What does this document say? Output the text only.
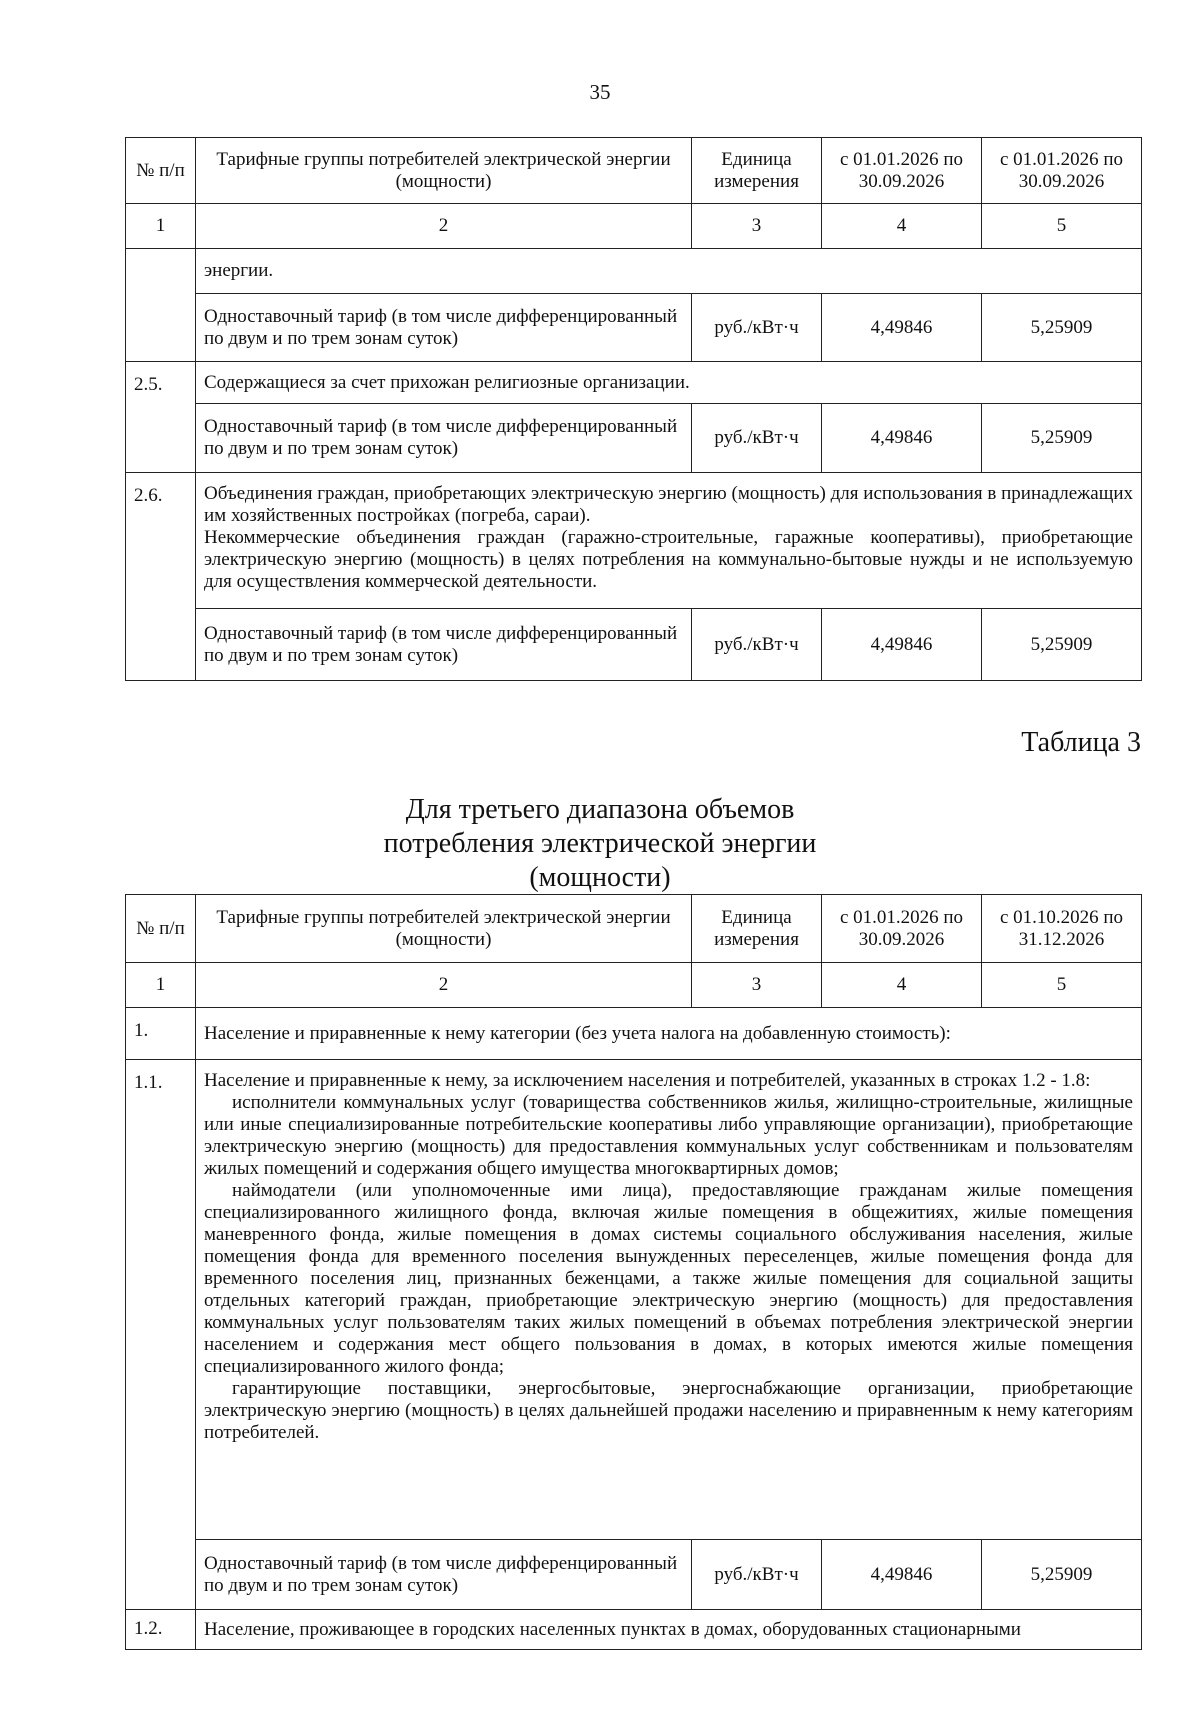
35
№ п/п	Тарифные группы потребителей электрической энергии (мощности)	Единица измерения	с 01.01.2026 по 30.09.2026	с 01.01.2026 по 30.09.2026
1	2	3	4	5
	энергии.			
	Одноставочный тариф (в том числе дифференцированный по двум и по трем зонам суток)	руб./кВт·ч	4,49846	5,25909
2.5.	Содержащиеся за счет прихожан религиозные организации.			
	Одноставочный тариф (в том числе дифференцированный по двум и по трем зонам суток)	руб./кВт·ч	4,49846	5,25909
2.6.	Объединения граждан, приобретающих электрическую энергию (мощность) для использования в принадлежащих им хозяйственных постройках (погреба, сараи).
Некоммерческие объединения граждан (гаражно-строительные, гаражные кооперативы), приобретающие электрическую энергию (мощность) в целях потребления на коммунально-бытовые нужды и не используемую для осуществления коммерческой деятельности.			

	Одноставочный тариф (в том числе дифференцированный по двум и по трем зонам суток)	руб./кВт·ч	4,49846	5,25909
Таблица 3
Для третьего диапазона объемов потребления электрической энергии (мощности)
№ п/п	Тарифные группы потребителей электрической энергии (мощности)	Единица измерения	с 01.01.2026 по 30.09.2026	с 01.10.2026 по 31.12.2026
1	2	3	4	5
1.	Население и приравненные к нему категории (без учета налога на добавленную стоимость):			
1.1.	Население и приравненные к нему, за исключением населения и потребителей, указанных в строках 1.2 - 1.8:
исполнители коммунальных услуг (товарищества собственников жилья, жилищно-строительные, жилищные или иные специализированные потребительские кооперативы либо управляющие организации), приобретающие электрическую энергию (мощность) для предоставления коммунальных услуг собственникам и пользователям жилых помещений и содержания общего имущества многоквартирных домов;
наймодатели (или уполномоченные ими лица), предоставляющие гражданам жилые помещения специализированного жилищного фонда, включая жилые помещения в общежитиях, жилые помещения маневренного фонда, жилые помещения в домах системы социального обслуживания населения, жилые помещения фонда для временного поселения вынужденных переселенцев, жилые помещения фонда для временного поселения лиц, признанных беженцами, а также жилые помещения для социальной защиты отдельных категорий граждан, приобретающие электрическую энергию (мощность) для предоставления коммунальных услуг пользователям таких жилых помещений в объемах потребления электрической энергии населением и содержания мест общего пользования в домах, в которых имеются жилые помещения специализированного жилого фонда;
гарантирующие поставщики, энергосбытовые, энергоснабжающие организации, приобретающие электрическую энергию (мощность) в целях дальнейшей продажи населению и приравненным к нему категориям потребителей.			

	Одноставочный тариф (в том числе дифференцированный по двум и по трем зонам суток)	руб./кВт·ч	4,49846	5,25909
1.2.	Население, проживающее в городских населенных пунктах в домах, оборудованных стационарными			
